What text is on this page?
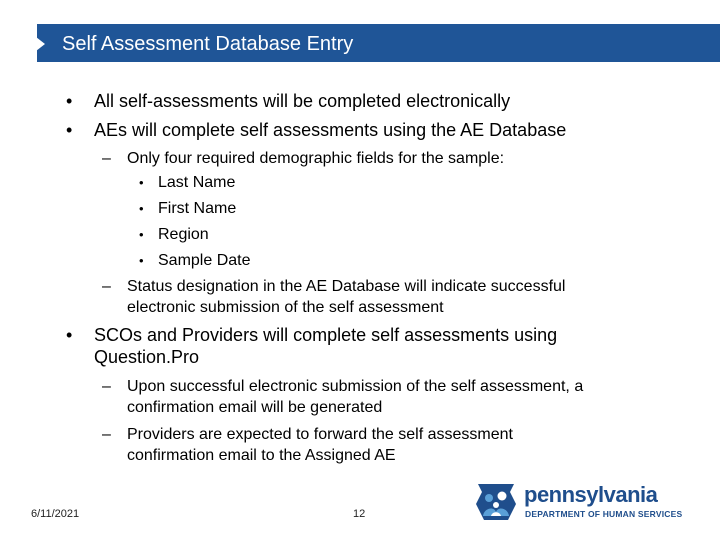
Self Assessment Database Entry
• All self-assessments will be completed electronically
• AEs will complete self assessments using the AE Database
– Only four required demographic fields for the sample:
• Last Name
• First Name
• Region
• Sample Date
– Status designation in the AE Database will indicate successful
electronic submission of the self assessment
• SCOs and Providers will complete self assessments using
Question.Pro
– Upon successful electronic submission of the self assessment, a
confirmation email will be generated
– Providers are expected to forward the self assessment
confirmation email to the Assigned AE
6/11/2021	12
pennsylvania
DEPARTMENT OF HUMAN SERVICES
